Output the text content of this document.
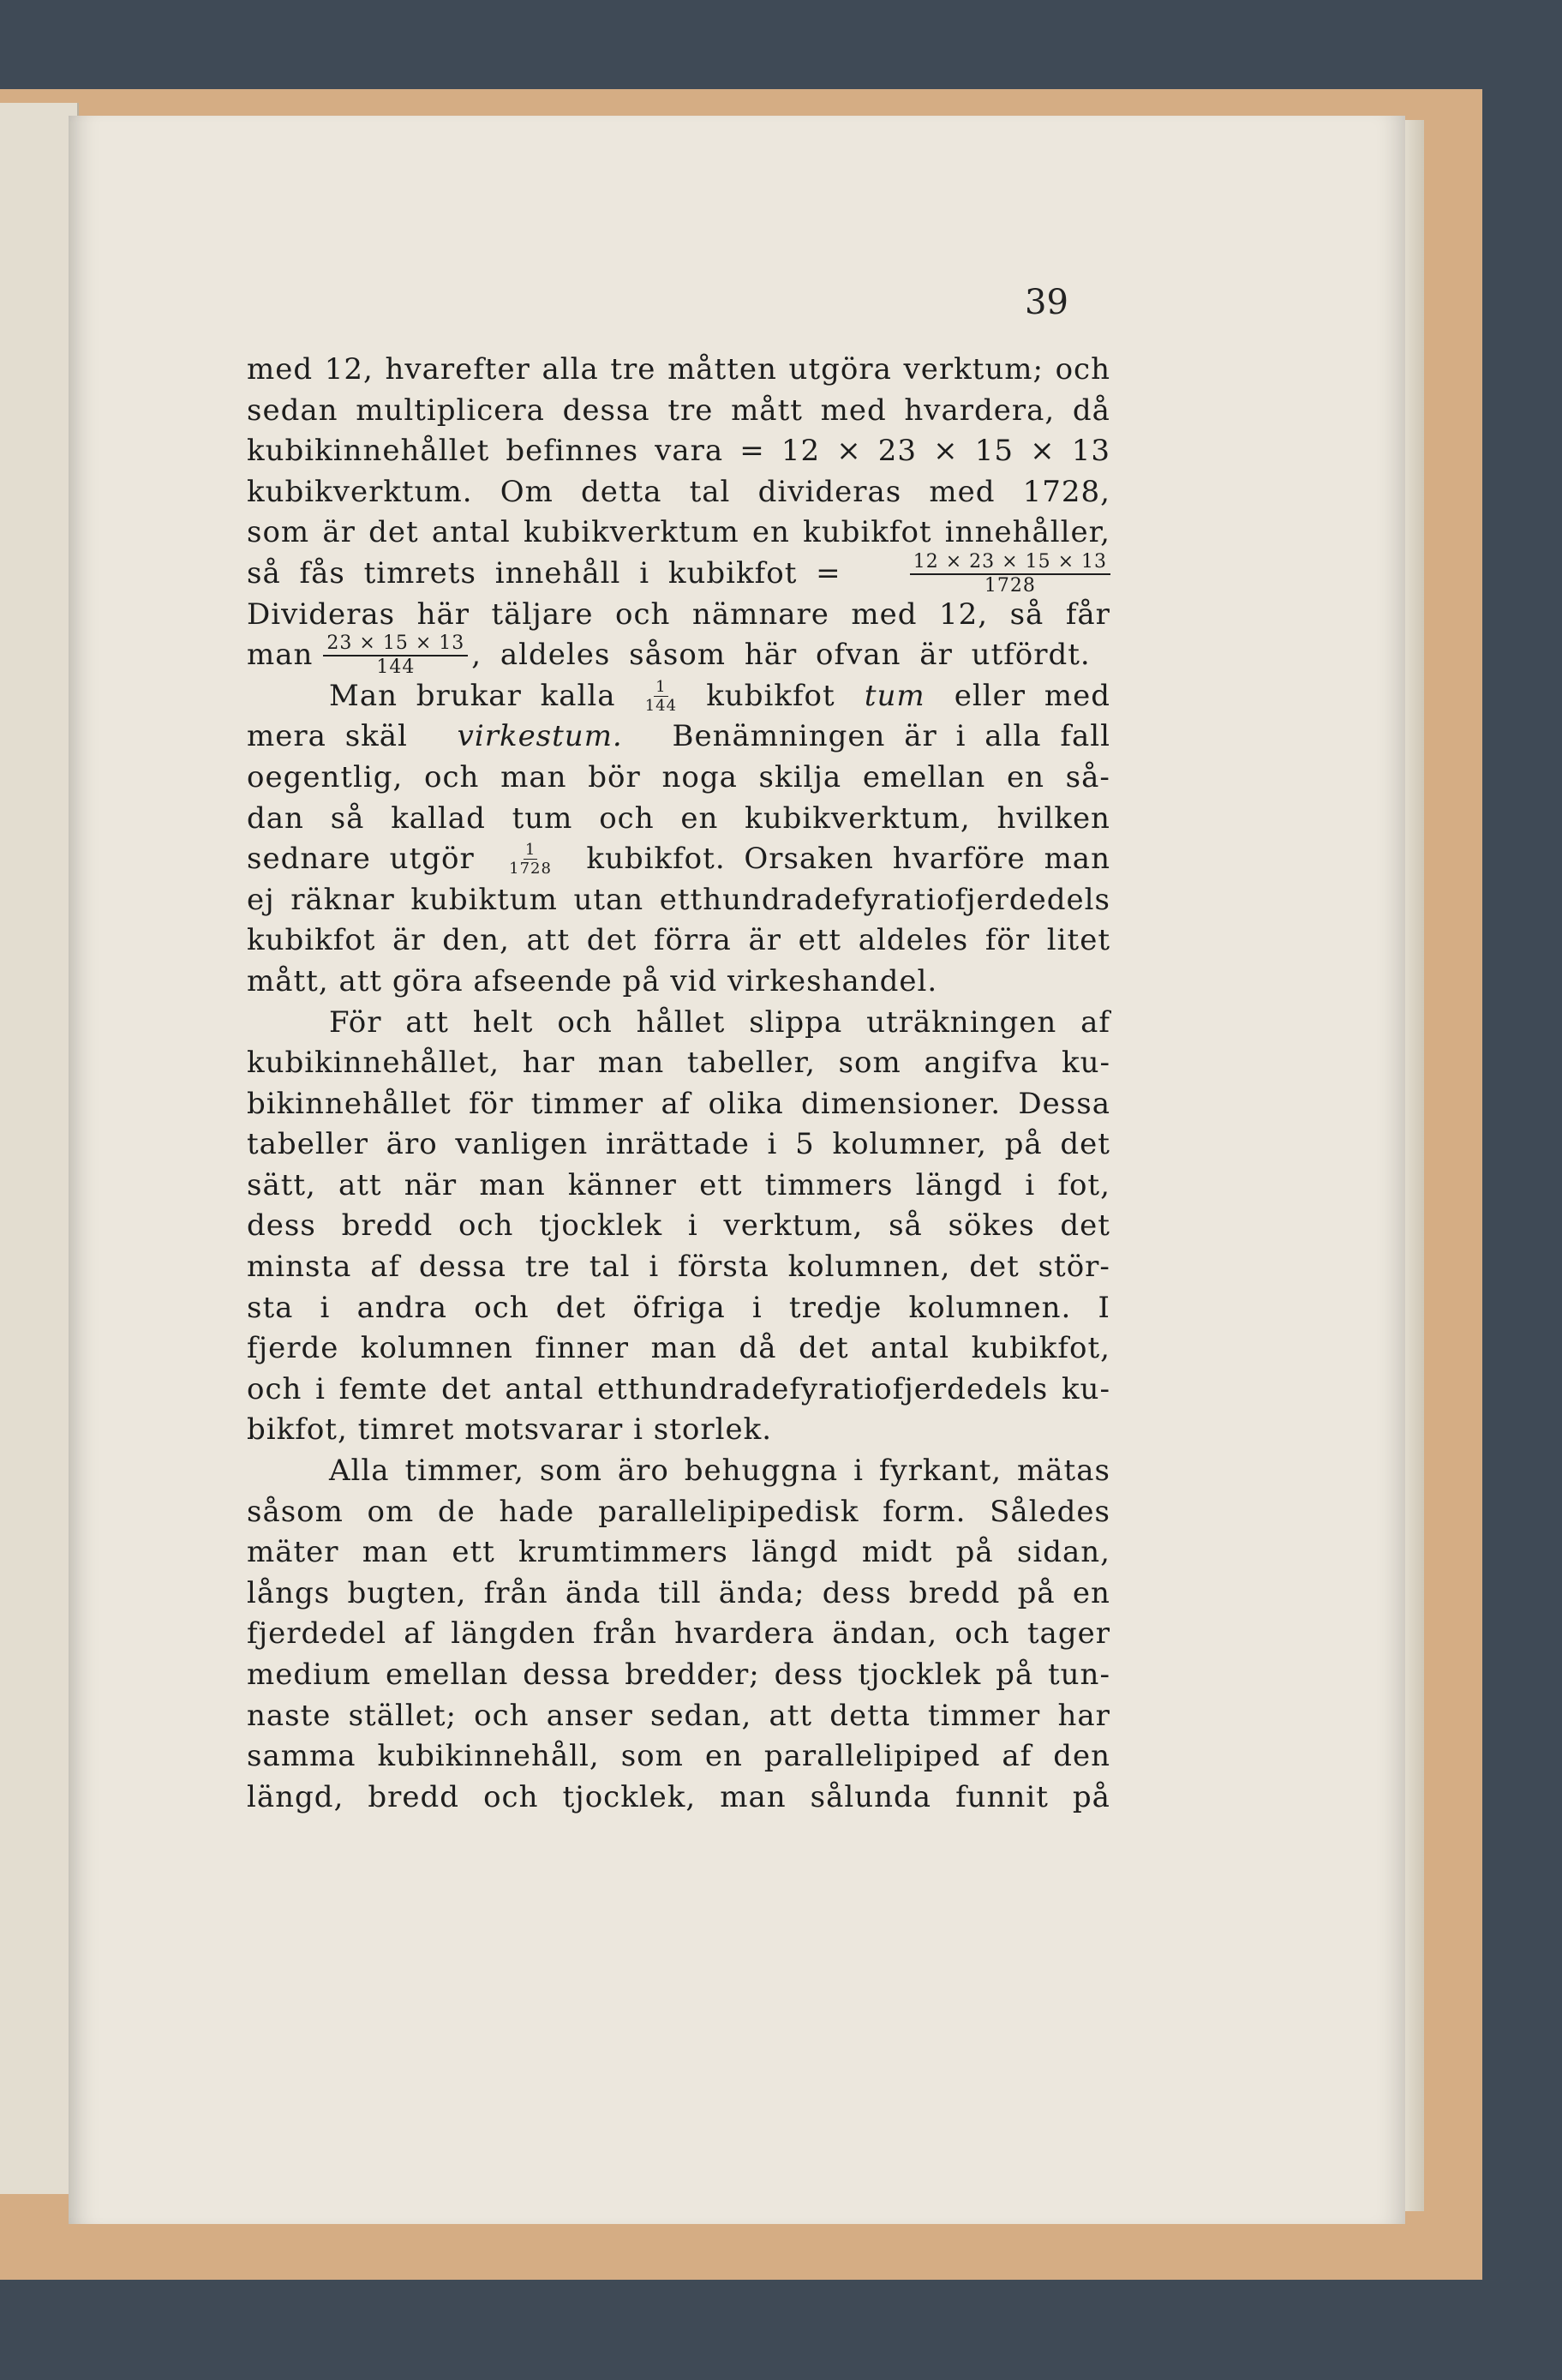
39
med 12, hvarefter alla tre måtten utgöra verktum; och
sedan multiplicera dessa tre mått med hvardera, då
kubikinnehållet befinnes vara = 12 × 23 × 15 × 13
kubikverktum. Om detta tal divideras med 1728,
som är det antal kubikverktum en kubikfot innehåller,
så fås timrets innehåll i kubikfot =	$\frac{12 \times 23 \times 15 \times 13}{1728}$
Divideras här täljare och nämnare med 12, så får
man $\frac{23 \times 15 \times 13}{144}$ , aldeles såsom här ofvan är utfördt.
Man brukar kalla $\frac{1}{144}$ kubikfot tum eller med
mera skäl virkestum. Benämningen är i alla fall
oegentlig, och man bör noga skilja emellan en så-
dan så kallad tum och en kubikverktum, hvilken
sednare utgör $\frac{1}{1728}$ kubikfot. Orsaken hvarföre man
ej räknar kubiktum utan etthundradefyratiofjerdedels
kubikfot är den, att det förra är ett aldeles för litet
mått, att göra afseende på vid virkeshandel.
För att helt och hållet slippa uträkningen af
kubikinnehållet, har man tabeller, som angifva ku-
bikinnehållet för timmer af olika dimensioner. Dessa
tabeller äro vanligen inrättade i 5 kolumner, på det
sätt, att när man känner ett timmers längd i fot,
dess bredd och tjocklek i verktum, så sökes det
minsta af dessa tre tal i första kolumnen, det stör-
sta i andra och det öfriga i tredje kolumnen. I
fjerde kolumnen finner man då det antal kubikfot,
och i femte det antal etthundradefyratiofjerdedels ku-
bikfot, timret motsvarar i storlek.
Alla timmer, som äro behuggna i fyrkant, mätas
såsom om de hade parallelipipedisk form. Således
mäter man ett krumtimmers längd midt på sidan,
långs bugten, från ända till ända; dess bredd på en
fjerdedel af längden från hvardera ändan, och tager
medium emellan dessa bredder; dess tjocklek på tun-
naste stället; och anser sedan, att detta timmer har
samma kubikinnehåll, som en parallelipiped af den
längd, bredd och tjocklek, man sålunda funnit på
